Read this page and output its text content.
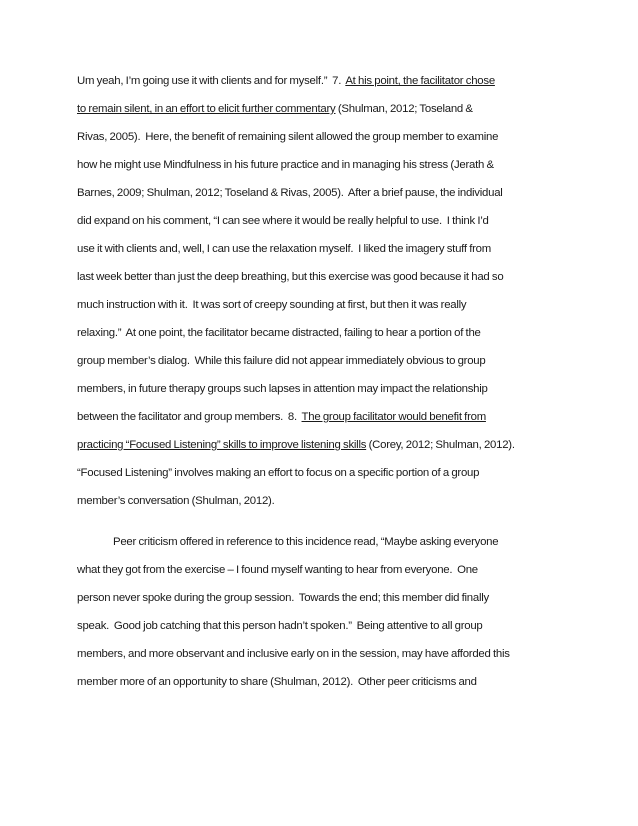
Um yeah, I’m going use it with clients and for myself.”  7.  At his point, the facilitator chose
to remain silent, in an effort to elicit further commentary (Shulman, 2012; Toseland &
Rivas, 2005).  Here, the benefit of remaining silent allowed the group member to examine
how he might use Mindfulness in his future practice and in managing his stress (Jerath &
Barnes, 2009; Shulman, 2012; Toseland & Rivas, 2005).  After a brief pause, the individual
did expand on his comment, “I can see where it would be really helpful to use.  I think I’d
use it with clients and, well, I can use the relaxation myself.  I liked the imagery stuff from
last week better than just the deep breathing, but this exercise was good because it had so
much instruction with it.  It was sort of creepy sounding at first, but then it was really
relaxing.”  At one point, the facilitator became distracted, failing to hear a portion of the
group member’s dialog.  While this failure did not appear immediately obvious to group
members, in future therapy groups such lapses in attention may impact the relationship
between the facilitator and group members.  8.  The group facilitator would benefit from
practicing “Focused Listening” skills to improve listening skills (Corey, 2012; Shulman, 2012).
“Focused Listening” involves making an effort to focus on a specific portion of a group
member’s conversation (Shulman, 2012).
Peer criticism offered in reference to this incidence read, “Maybe asking everyone
what they got from the exercise – I found myself wanting to hear from everyone.  One
person never spoke during the group session.  Towards the end; this member did finally
speak.  Good job catching that this person hadn’t spoken.”  Being attentive to all group
members, and more observant and inclusive early on in the session, may have afforded this
member more of an opportunity to share (Shulman, 2012).  Other peer criticisms and
